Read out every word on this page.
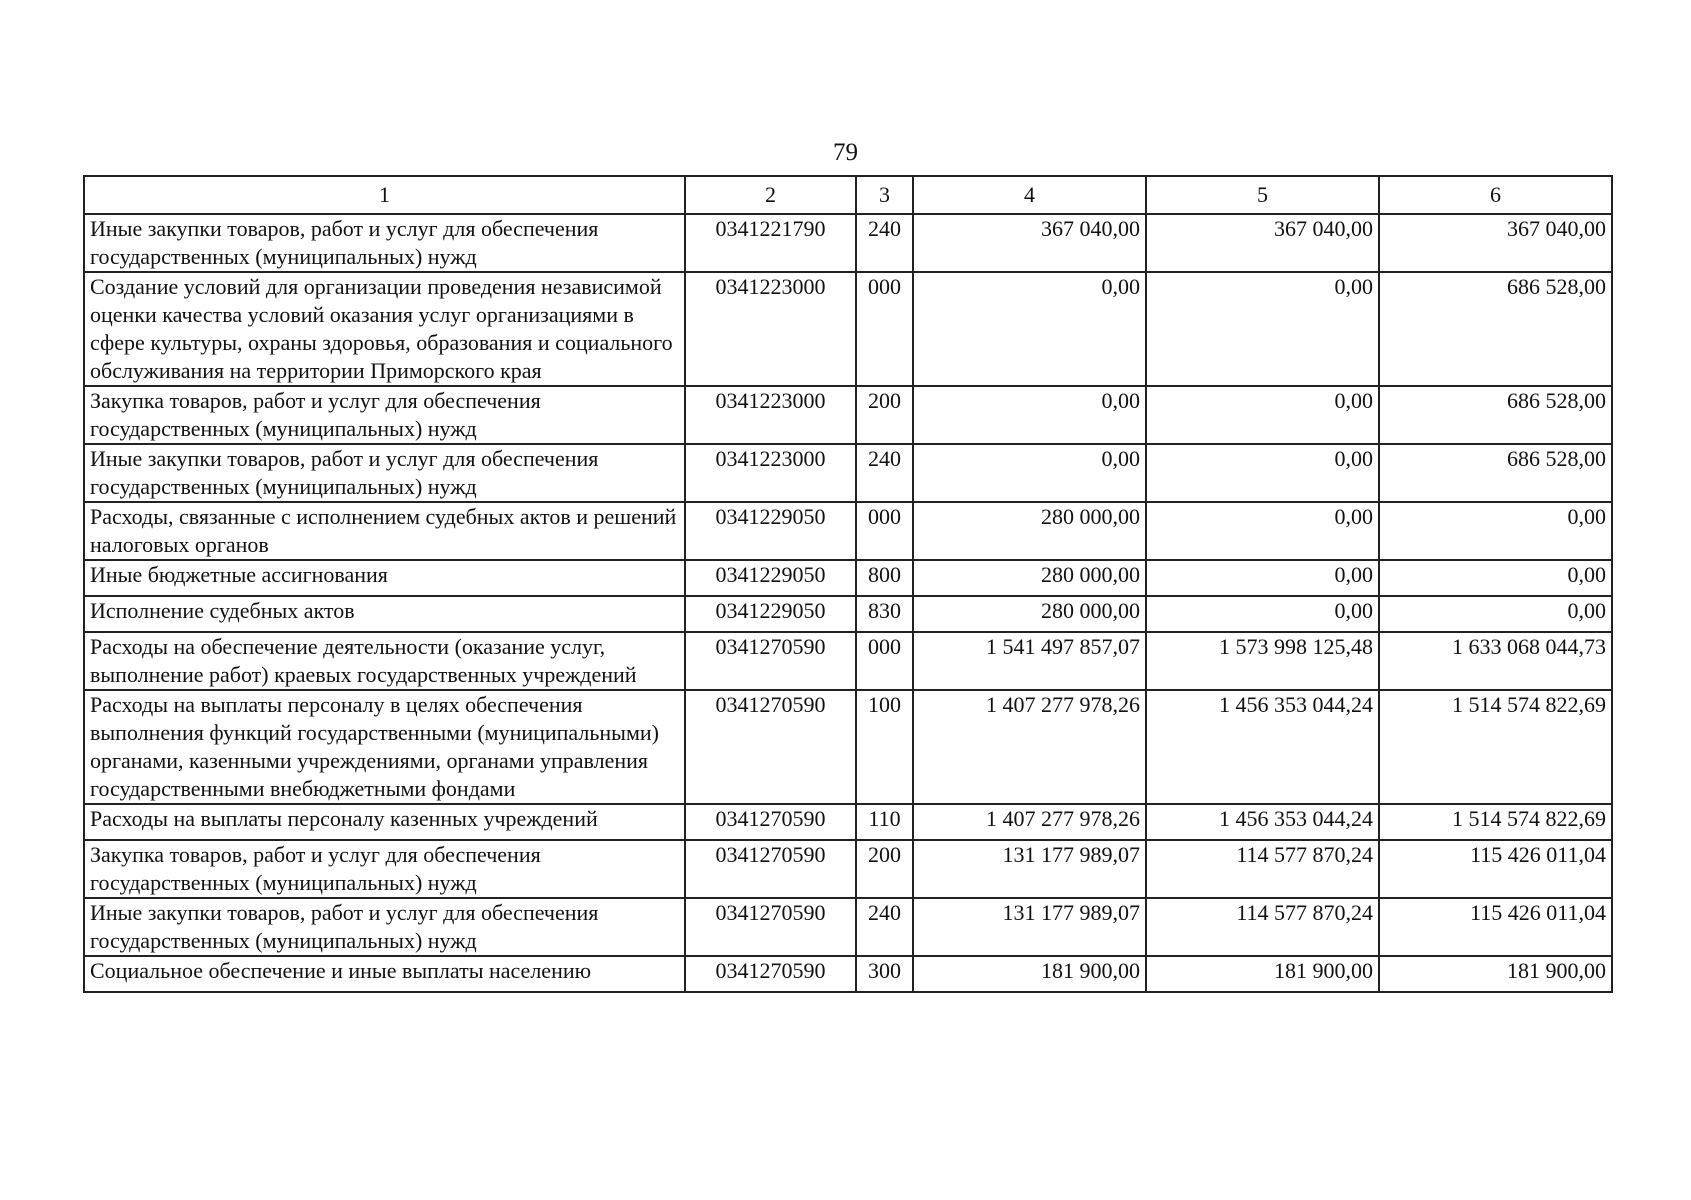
79
1	2	3	4	5	6
Иные закупки товаров, работ и услуг для обеспечения государственных (муниципальных) нужд	0341221790	240	367 040,00	367 040,00	367 040,00
Создание условий для организации проведения независимой оценки качества условий оказания услуг организациями в сфере культуры, охраны здоровья, образования и социального обслуживания на территории Приморского края	0341223000	000	0,00	0,00	686 528,00
Закупка товаров, работ и услуг для обеспечения государственных (муниципальных) нужд	0341223000	200	0,00	0,00	686 528,00
Иные закупки товаров, работ и услуг для обеспечения государственных (муниципальных) нужд	0341223000	240	0,00	0,00	686 528,00
Расходы, связанные с исполнением судебных актов и решений налоговых органов	0341229050	000	280 000,00	0,00	0,00
Иные бюджетные ассигнования	0341229050	800	280 000,00	0,00	0,00
Исполнение судебных актов	0341229050	830	280 000,00	0,00	0,00
Расходы на обеспечение деятельности (оказание услуг, выполнение работ) краевых государственных учреждений	0341270590	000	1 541 497 857,07	1 573 998 125,48	1 633 068 044,73
Расходы на выплаты персоналу в целях обеспечения выполнения функций государственными (муниципальными) органами, казенными учреждениями, органами управления государственными внебюджетными фондами	0341270590	100	1 407 277 978,26	1 456 353 044,24	1 514 574 822,69
Расходы на выплаты персоналу казенных учреждений	0341270590	110	1 407 277 978,26	1 456 353 044,24	1 514 574 822,69
Закупка товаров, работ и услуг для обеспечения государственных (муниципальных) нужд	0341270590	200	131 177 989,07	114 577 870,24	115 426 011,04
Иные закупки товаров, работ и услуг для обеспечения государственных (муниципальных) нужд	0341270590	240	131 177 989,07	114 577 870,24	115 426 011,04
Социальное обеспечение и иные выплаты населению	0341270590	300	181 900,00	181 900,00	181 900,00
